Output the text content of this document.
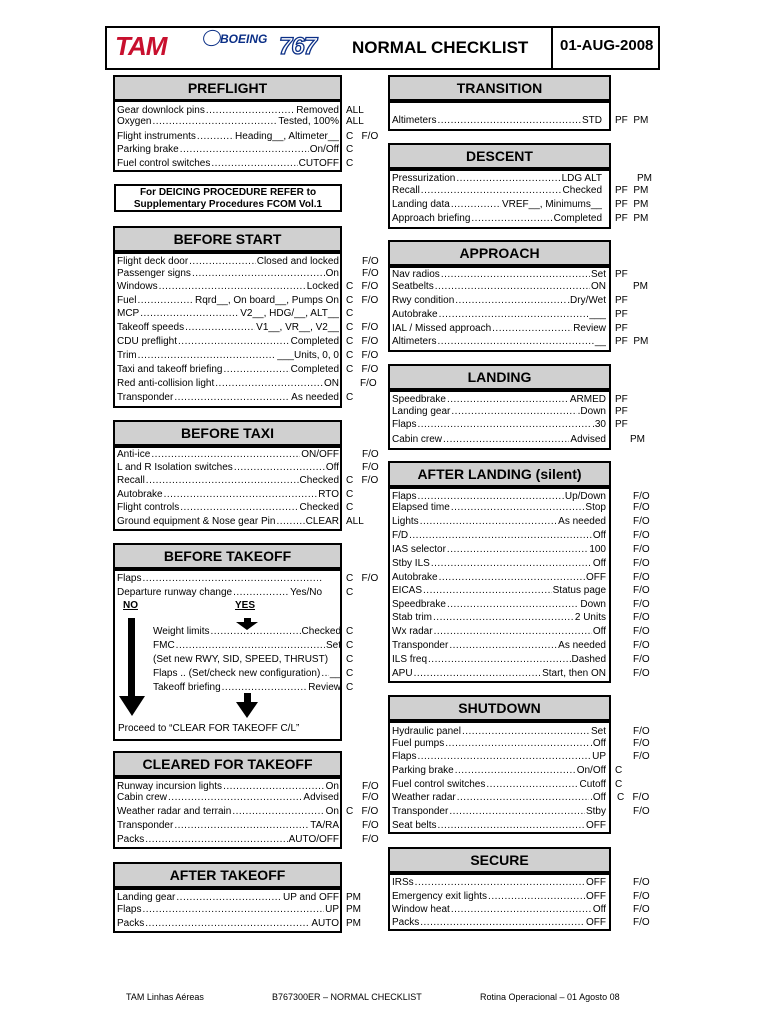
TAM	BOEING 767 NORMAL CHECKLIST 01-AUG-2008
PREFLIGHT
For DEICING PROCEDURE REFER to
Supplementary Procedures FCOM Vol.1
BEFORE START
BEFORE TAXI
BEFORE TAKEOFF
NO	YES
Proceed to “CLEAR FOR TAKEOFF C/L”
CLEARED FOR TAKEOFF
AFTER TAKEOFF
TRANSITION
DESCENT
APPROACH
LANDING
AFTER LANDING (silent)
SHUTDOWN
SECURE
Gear downlock pins .....	Removed ALL
Oxygen .....	Tested, 100% ALL
Flight instruments .....	Heading__, Altimeter__ C   F/O
Parking brake .....	On/Off C
Fuel control switches .....	CUTOFF C
Flight deck door .....	Closed and locked F/O
Passenger signs .....	On F/O
Windows .....	Locked C   F/O
Fuel .....	Rqrd__, On board__, Pumps On C   F/O
MCP .....	V2__, HDG/__, ALT__ C
Takeoff speeds .....	V1__, VR__, V2__ C   F/O
CDU preflight .....	Completed C   F/O
Trim .....	___Units, 0, 0 C   F/O
Taxi and takeoff briefing .....	Completed C   F/O
Red anti-collision light .....	ON F/O
Transponder .....	As needed C
Anti-ice .....	ON/OFF F/O
L and R Isolation switches .....	Off F/O
Recall .....	Checked C   F/O
Autobrake .....	RTO C
Flight controls .....	Checked C
Ground equipment & Nose gear Pin .....	CLEAR ALL
Flaps .....	. C   F/O
Departure runway change .....	Yes/No C
Weight limits .....	Checked C
FMC .....	Set C
(Set new RWY, SID, SPEED, THRUST) C
Flaps .. (Set/check new configuration) ..... __ C
Takeoff briefing .....	Review C
Runway incursion lights .....	On F/O
Cabin crew .....	Advised F/O
Weather radar and terrain .....	On C   F/O
Transponder .....	TA/RA F/O
Packs .....	AUTO/OFF F/O
Landing gear .....	UP and OFF PM
Flaps .....	UP PM
Packs .....	AUTO PM
Altimeters .....	STD PF  PM
Pressurization .....	LDG ALT	PM
Recall .....	Checked PF  PM
Landing data .....	VREF__, Minimums__ PF  PM
Approach briefing .....	Completed PF  PM
Nav radios .....	Set PF
Seatbelts .....	ON	PM
Rwy condition .....	.Dry/Wet PF
Autobrake .....	___ PF
IAL / Missed approach .....	Review PF
Altimeters .....	__ PF  PM
Speedbrake .....	ARMED PF
Landing gear .....	.Down PF
Flaps .....	.30 PF
Cabin crew .....	Advised PM
Flaps .....	Up/Down	F/O
Elapsed time .....	Stop	F/O
Lights .....	As needed	F/O
F/D .....	Off	F/O
IAS selector .....	100	F/O
Stby ILS .....	Off	F/O
Autobrake .....	OFF	F/O
EICAS .....	Status page	F/O
Speedbrake .....	Down	F/O
Stab trim .....	2 Units	F/O
Wx radar .....	Off	F/O
Transponder .....	As needed	F/O
ILS freq .....	Dashed	F/O
APU .....	Start, then ON	F/O
Hydraulic panel .....	Set	F/O
Fuel pumps .....	.Off	F/O
Flaps .....	UP	F/O
Parking brake .....	On/Off C
Fuel control switches .....	Cutoff C
Weather radar .....	.Off C   F/O
Transponder .....	Stby	F/O
Seat belts .....	OFF
IRSs .....	OFF	F/O
Emergency exit lights .....	OFF	F/O
Window heat .....	Off	F/O
Packs .....	OFF	F/O
TAM Linhas Aéreas	B767300ER – NORMAL CHECKLIST	Rotina Operacional – 01 Agosto 08
